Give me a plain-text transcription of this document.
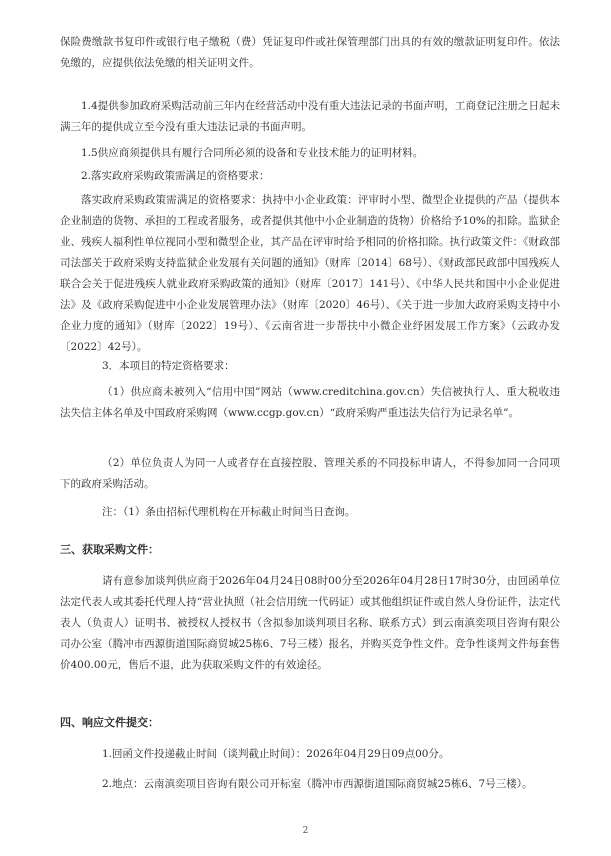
保险费缴款书复印件或银行电子缴税（费）凭证复印件或社保管理部门出具的有效的缴款证明复印件。依法免缴的，应提供依法免缴的相关证明文件。

1.4提供参加政府采购活动前三年内在经营活动中没有重大违法记录的书面声明，工商登记注册之日起未满三年的提供成立至今没有重大违法记录的书面声明。

1.5供应商须提供具有履行合同所必须的设备和专业技术能力的证明材料。

2.落实政府采购政策需满足的资格要求：

落实政府采购政策需满足的资格要求：执持中小企业政策：评审时小型、微型企业提供的产品（提供本企业制造的货物、承担的工程或者服务，或者提供其他中小企业制造的货物）价格给予10%的扣除。监狱企业、残疾人福利性单位视同小型和微型企业，其产品在评审时给予相同的价格扣除。执行政策文件：《财政部司法部关于政府采购支持监狱企业发展有关问题的通知》（财库〔2014〕68号）、《财政部民政部中国残疾人联合会关于促进残疾人就业政府采购政策的通知》（财库〔2017〕141号）、《中华人民共和国中小企业促进法》及《政府采购促进中小企业发展管理办法》（财库〔2020〕46号）、《关于进一步加大政府采购支持中小企业力度的通知》（财库〔2022〕19号）、《云南省进一步帮扶中小微企业纾困发展工作方案》（云政办发〔2022〕42号）。

3．本项目的特定资格要求：

（1）供应商未被列入“信用中国”网站（www.creditchina.gov.cn）失信被执行人、重大税收违法失信主体名单及中国政府采购网（www.ccgp.gov.cn）“政府采购严重违法失信行为记录名单”。

（2）单位负责人为同一人或者存在直接控股、管理关系的不同投标申请人，不得参加同一合同项下的政府采购活动。

注：（1）条由招标代理机构在开标截止时间当日查询。

三、获取采购文件：

请有意参加谈判供应商于2026年04月24日08时00分至2026年04月28日17时30分，由回函单位法定代表人或其委托代理人持“营业执照（社会信用统一代码证）或其他组织证件或自然人身份证件，法定代表人（负责人）证明书、被授权人授权书（含拟参加谈判项目名称、联系方式）到云南滇奕项目咨询有限公司办公室（腾冲市西源街道国际商贸城25栋6、7号三楼）报名，并购买竞争性文件。竞争性谈判文件每套售价400.00元，售后不退，此为获取采购文件的有效途径。

四、响应文件提交：

1.回函文件投递截止时间（谈判截止时间）：2026年04月29日09点00分。

2.地点：云南滇奕项目咨询有限公司开标室（腾冲市西源街道国际商贸城25栋6、7号三楼）。

2
